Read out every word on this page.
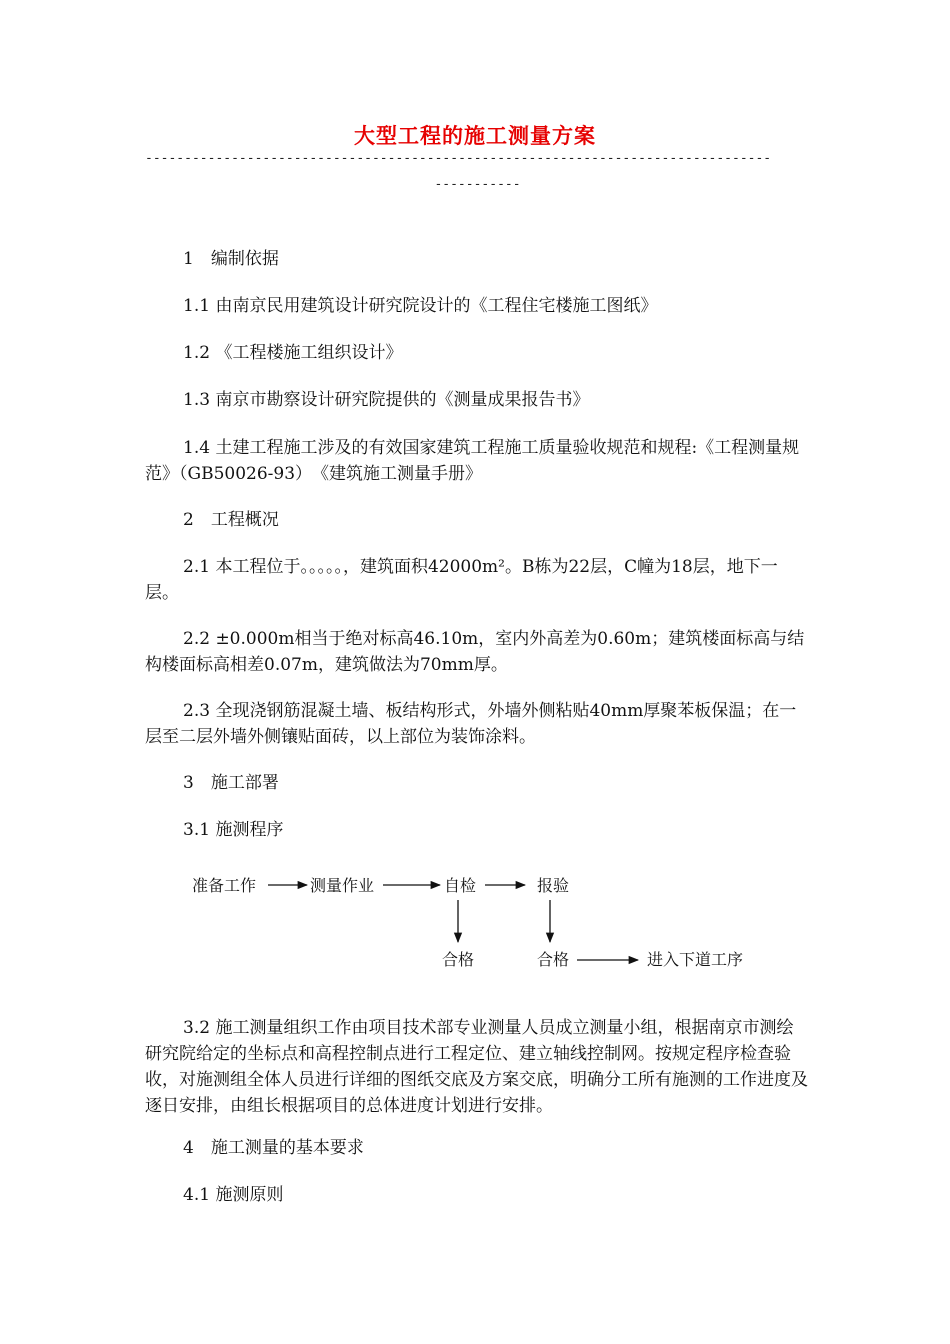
大型工程的施工测量方案
--------------------------------------------------------------------------------
-----------
1　编制依据
1.1 由南京民用建筑设计研究院设计的《工程住宅楼施工图纸》
1.2 《工程楼施工组织设计》
1.3 南京市勘察设计研究院提供的《测量成果报告书》
1.4 土建工程施工涉及的有效国家建筑工程施工质量验收规范和规程:《工程测量规范》（GB50026-93）　《建筑施工测量手册》
2　工程概况
2.1 本工程位于。。。。。，建筑面积42000m²。B栋为22层，C幢为18层，地下一层。
2.2 ±0.000m相当于绝对标高46.10m，室内外高差为0.60m；建筑楼面标高与结构楼面标高相差0.07m，建筑做法为70mm厚。
2.3 全现浇钢筋混凝土墙、板结构形式，外墙外侧粘贴40mm厚聚苯板保温；在一层至二层外墙外侧镶贴面砖，以上部位为装饰涂料。
3　施工部署
3.1 施测程序
准备工作	测量作业	自检	报验
合格	合格	进入下道工序
3.2 施工测量组织工作由项目技术部专业测量人员成立测量小组，根据南京市测绘研究院给定的坐标点和高程控制点进行工程定位、建立轴线控制网。按规定程序检查验收，对施测组全体人员进行详细的图纸交底及方案交底，明确分工所有施测的工作进度及逐日安排，由组长根据项目的总体进度计划进行安排。
4　施工测量的基本要求
4.1 施测原则
